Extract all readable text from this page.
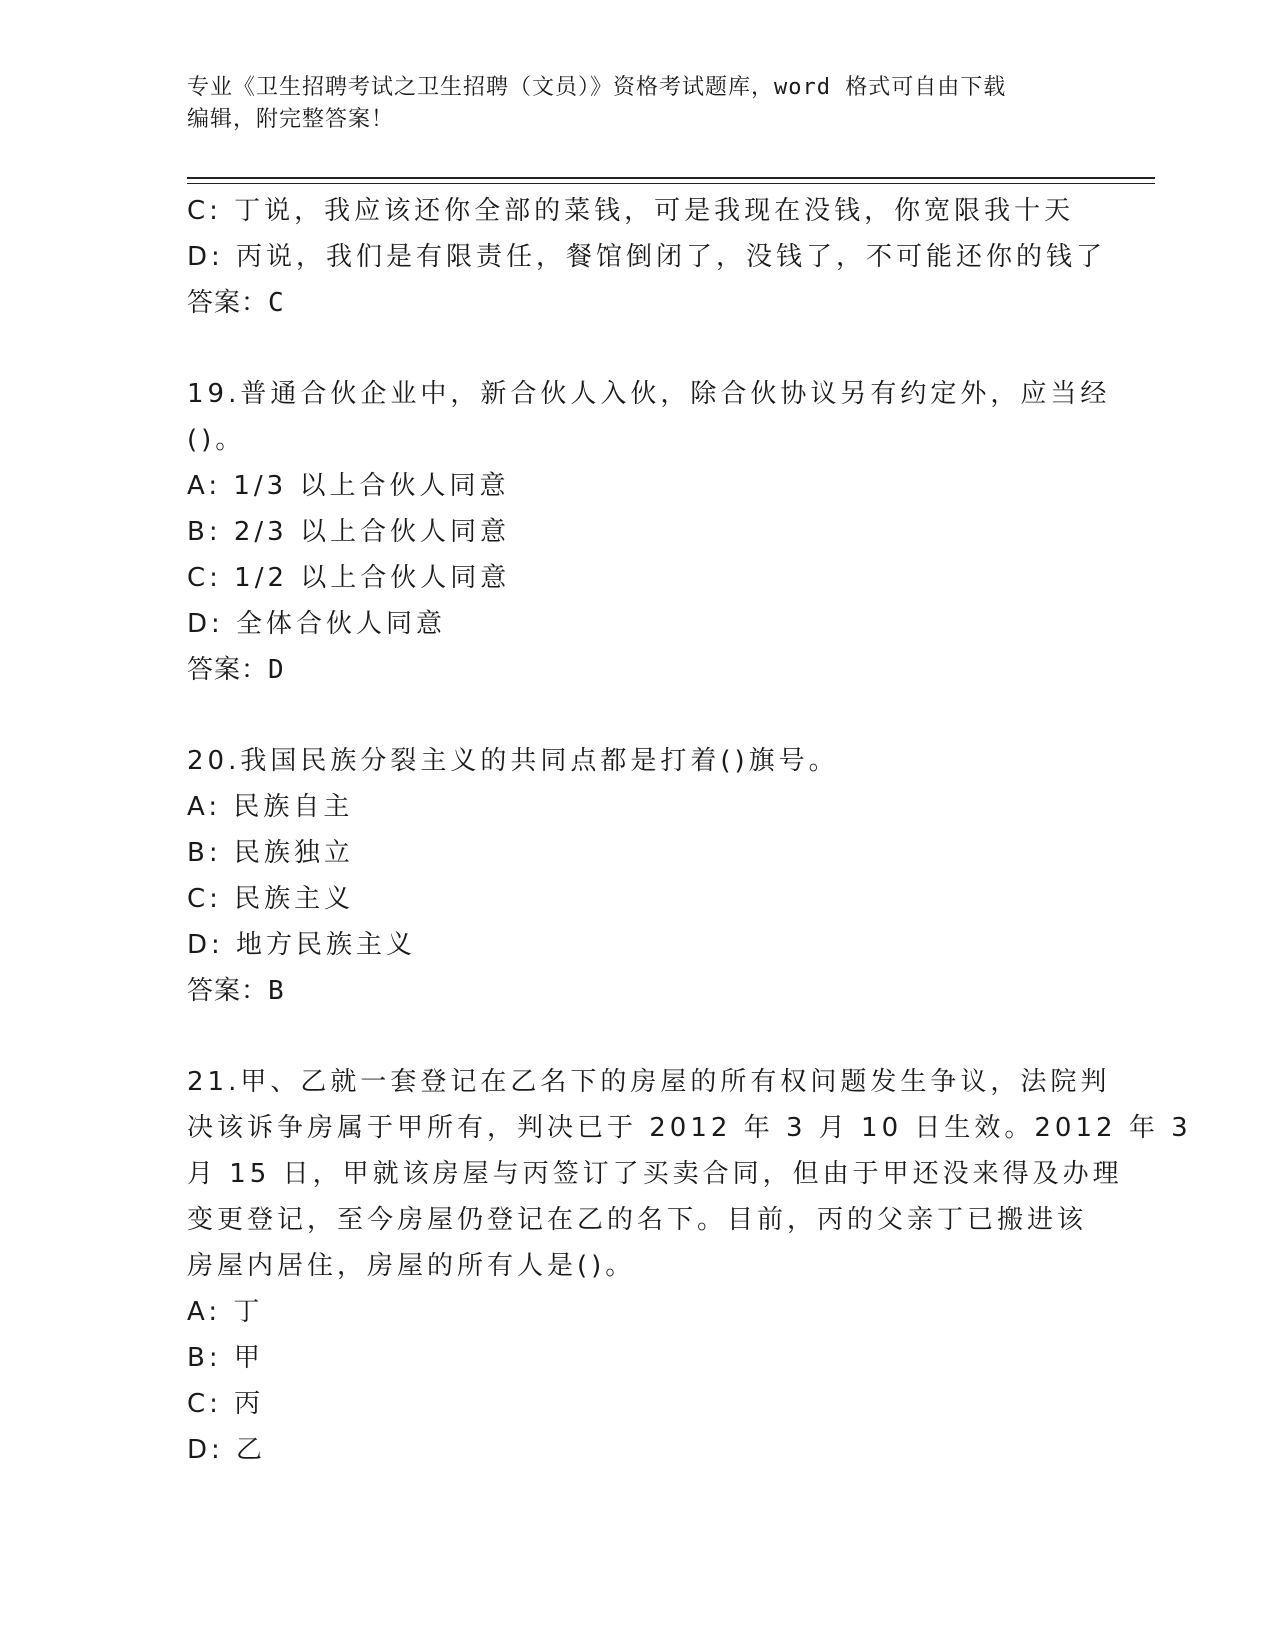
专业《卫生招聘考试之卫生招聘（文员）》资格考试题库，word 格式可自由下载
编辑，附完整答案！
C: 丁说，我应该还你全部的菜钱，可是我现在没钱，你宽限我十天
D: 丙说，我们是有限责任，餐馆倒闭了，没钱了，不可能还你的钱了
答案：C
19.普通合伙企业中，新合伙人入伙，除合伙协议另有约定外，应当经
()。
A: 1/3 以上合伙人同意
B: 2/3 以上合伙人同意
C: 1/2 以上合伙人同意
D: 全体合伙人同意
答案：D
20.我国民族分裂主义的共同点都是打着()旗号。
A: 民族自主
B: 民族独立
C: 民族主义
D: 地方民族主义
答案：B
21.甲、乙就一套登记在乙名下的房屋的所有权问题发生争议，法院判
决该诉争房属于甲所有，判决已于 2012 年 3 月 10 日生效。2012 年 3
月 15 日，甲就该房屋与丙签订了买卖合同，但由于甲还没来得及办理
变更登记，至今房屋仍登记在乙的名下。目前，丙的父亲丁已搬进该
房屋内居住，房屋的所有人是()。
A: 丁
B: 甲
C: 丙
D: 乙
